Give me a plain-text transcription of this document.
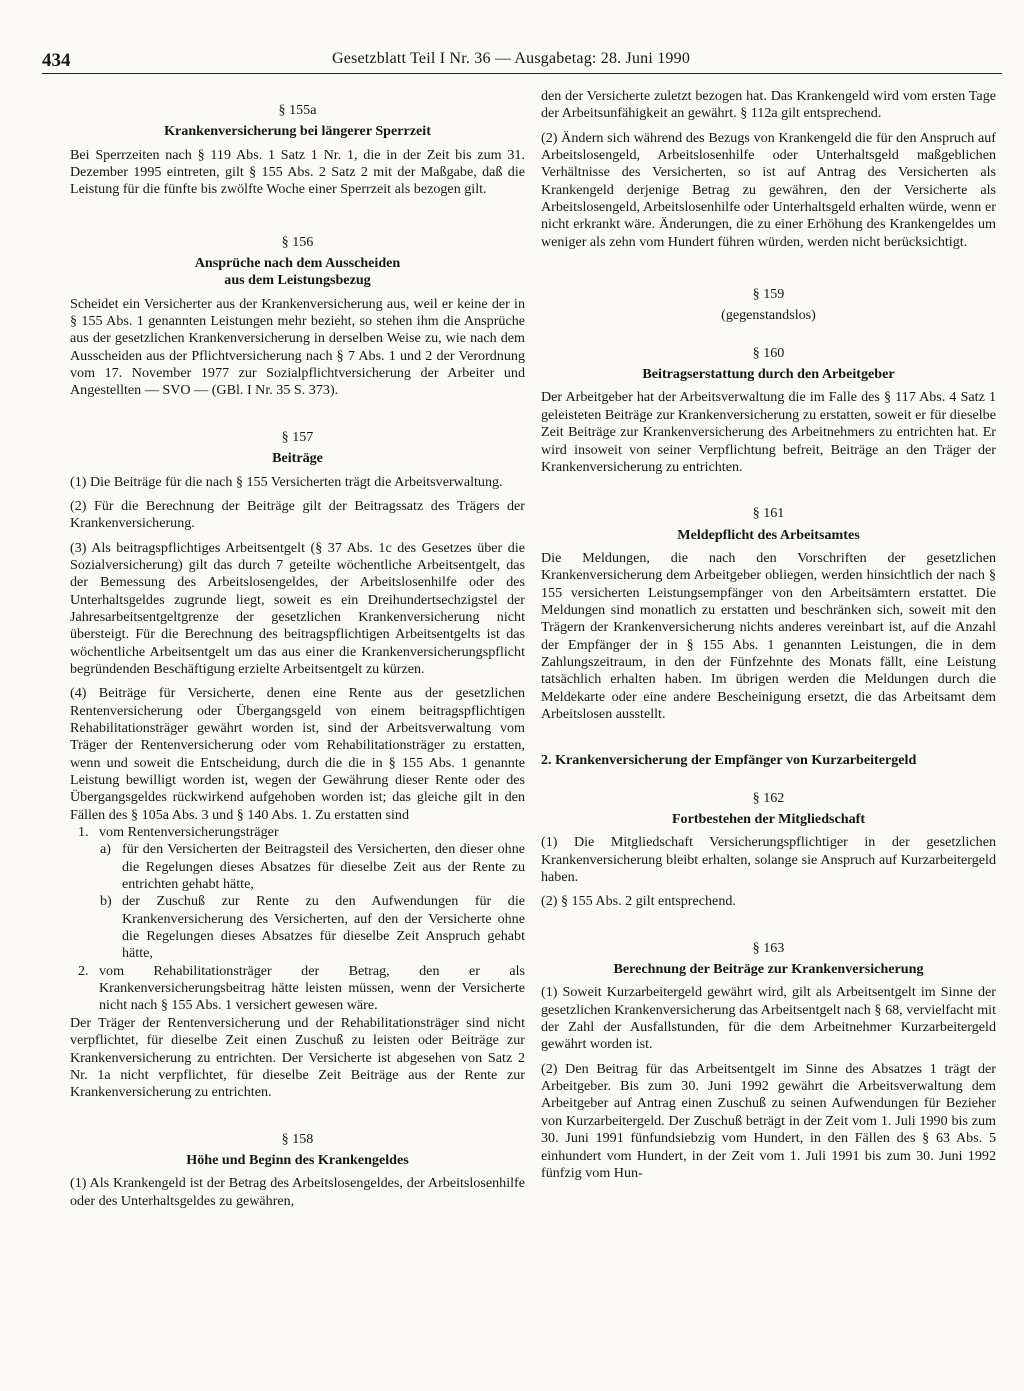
434	Gesetzblatt Teil I Nr. 36 — Ausgabetag: 28. Juni 1990
§ 155a
Krankenversicherung bei längerer Sperrzeit

Bei Sperrzeiten nach § 119 Abs. 1 Satz 1 Nr. 1, die in der Zeit bis zum 31. Dezember 1995 eintreten, gilt § 155 Abs. 2 Satz 2 mit der Maßgabe, daß die Leistung für die fünfte bis zwölfte Woche einer Sperrzeit als bezogen gilt.

§ 156
Ansprüche nach dem Ausscheiden
aus dem Leistungsbezug

Scheidet ein Versicherter aus der Krankenversicherung aus, weil er keine der in § 155 Abs. 1 genannten Leistungen mehr bezieht, so stehen ihm die Ansprüche aus der gesetzlichen Krankenversicherung in derselben Weise zu, wie nach dem Ausscheiden aus der Pflichtversicherung nach § 7 Abs. 1 und 2 der Verordnung vom 17. November 1977 zur Sozialpflichtversicherung der Arbeiter und Angestellten — SVO — (GBl. I Nr. 35 S. 373).

§ 157
Beiträge

(1) Die Beiträge für die nach § 155 Versicherten trägt die Arbeitsverwaltung.

(2) Für die Berechnung der Beiträge gilt der Beitragssatz des Trägers der Krankenversicherung.

(3) Als beitragspflichtiges Arbeitsentgelt (§ 37 Abs. 1c des Gesetzes über die Sozialversicherung) gilt das durch 7 geteilte wöchentliche Arbeitsentgelt, das der Bemessung des Arbeitslosengeldes, der Arbeitslosenhilfe oder des Unterhaltsgeldes zugrunde liegt, soweit es ein Dreihundertsechzigstel der Jahresarbeitsentgeltgrenze der gesetzlichen Krankenversicherung nicht übersteigt. Für die Berechnung des beitragspflichtigen Arbeitsentgelts ist das wöchentliche Arbeitsentgelt um das aus einer die Krankenversicherungspflicht begründenden Beschäftigung erzielte Arbeitsentgelt zu kürzen.

(4) Beiträge für Versicherte, denen eine Rente aus der gesetzlichen Rentenversicherung oder Übergangsgeld von einem beitragspflichtigen Rehabilitationsträger gewährt worden ist, sind der Arbeitsverwaltung vom Träger der Rentenversicherung oder vom Rehabilitationsträger zu erstatten, wenn und soweit die Entscheidung, durch die die in § 155 Abs. 1 genannte Leistung bewilligt worden ist, wegen der Gewährung dieser Rente oder des Übergangsgeldes rückwirkend aufgehoben worden ist; das gleiche gilt in den Fällen des § 105a Abs. 3 und § 140 Abs. 1. Zu erstatten sind

1. vom Rentenversicherungsträger
a) für den Versicherten der Beitragsteil des Versicherten, den dieser ohne die Regelungen dieses Absatzes für dieselbe Zeit aus der Rente zu entrichten gehabt hätte,
b) der Zuschuß zur Rente zu den Aufwendungen für die Krankenversicherung des Versicherten, auf den der Versicherte ohne die Regelungen dieses Absatzes für dieselbe Zeit Anspruch gehabt hätte,
2. vom Rehabilitationsträger der Betrag, den er als Krankenversicherungsbeitrag hätte leisten müssen, wenn der Versicherte nicht nach § 155 Abs. 1 versichert gewesen wäre.

Der Träger der Rentenversicherung und der Rehabilitationsträger sind nicht verpflichtet, für dieselbe Zeit einen Zuschuß zu leisten oder Beiträge zur Krankenversicherung zu entrichten. Der Versicherte ist abgesehen von Satz 2 Nr. 1a nicht verpflichtet, für dieselbe Zeit Beiträge aus der Rente zur Krankenversicherung zu entrichten.

§ 158
Höhe und Beginn des Krankengeldes

(1) Als Krankengeld ist der Betrag des Arbeitslosengeldes, der Arbeitslosenhilfe oder des Unterhaltsgeldes zu gewähren,

den der Versicherte zuletzt bezogen hat. Das Krankengeld wird vom ersten Tage der Arbeitsunfähigkeit an gewährt. § 112a gilt entsprechend.

(2) Ändern sich während des Bezugs von Krankengeld die für den Anspruch auf Arbeitslosengeld, Arbeitslosenhilfe oder Unterhaltsgeld maßgeblichen Verhältnisse des Versicherten, so ist auf Antrag des Versicherten als Krankengeld derjenige Betrag zu gewähren, den der Versicherte als Arbeitslosengeld, Arbeitslosenhilfe oder Unterhaltsgeld erhalten würde, wenn er nicht erkrankt wäre. Änderungen, die zu einer Erhöhung des Krankengeldes um weniger als zehn vom Hundert führen würden, werden nicht berücksichtigt.

§ 159
(gegenstandslos)
§ 160
Beitragserstattung durch den Arbeitgeber

Der Arbeitgeber hat der Arbeitsverwaltung die im Falle des § 117 Abs. 4 Satz 1 geleisteten Beiträge zur Krankenversicherung zu erstatten, soweit er für dieselbe Zeit Beiträge zur Krankenversicherung des Arbeitnehmers zu entrichten hat. Er wird insoweit von seiner Verpflichtung befreit, Beiträge an den Träger der Krankenversicherung zu entrichten.

§ 161
Meldepflicht des Arbeitsamtes

Die Meldungen, die nach den Vorschriften der gesetzlichen Krankenversicherung dem Arbeitgeber obliegen, werden hinsichtlich der nach § 155 versicherten Leistungsempfänger von den Arbeitsämtern erstattet. Die Meldungen sind monatlich zu erstatten und beschränken sich, soweit mit den Trägern der Krankenversicherung nichts anderes vereinbart ist, auf die Anzahl der Empfänger der in § 155 Abs. 1 genannten Leistungen, die in dem Zahlungszeitraum, in den der Fünfzehnte des Monats fällt, eine Leistung tatsächlich erhalten haben. Im übrigen werden die Meldungen durch die Meldekarte oder eine andere Bescheinigung ersetzt, die das Arbeitsamt dem Arbeitslosen ausstellt.

2. Krankenversicherung der Empfänger von Kurzarbeitergeld
§ 162
Fortbestehen der Mitgliedschaft

(1) Die Mitgliedschaft Versicherungspflichtiger in der gesetzlichen Krankenversicherung bleibt erhalten, solange sie Anspruch auf Kurzarbeitergeld haben.

(2) § 155 Abs. 2 gilt entsprechend.

§ 163
Berechnung der Beiträge zur Krankenversicherung

(1) Soweit Kurzarbeitergeld gewährt wird, gilt als Arbeitsentgelt im Sinne der gesetzlichen Krankenversicherung das Arbeitsentgelt nach § 68, vervielfacht mit der Zahl der Ausfallstunden, für die dem Arbeitnehmer Kurzarbeitergeld gewährt worden ist.

(2) Den Beitrag für das Arbeitsentgelt im Sinne des Absatzes 1 trägt der Arbeitgeber. Bis zum 30. Juni 1992 gewährt die Arbeitsverwaltung dem Arbeitgeber auf Antrag einen Zuschuß zu seinen Aufwendungen für Bezieher von Kurzarbeitergeld. Der Zuschuß beträgt in der Zeit vom 1. Juli 1990 bis zum 30. Juni 1991 fünfundsiebzig vom Hundert, in den Fällen des § 63 Abs. 5 einhundert vom Hundert, in der Zeit vom 1. Juli 1991 bis zum 30. Juni 1992 fünfzig vom Hun-
